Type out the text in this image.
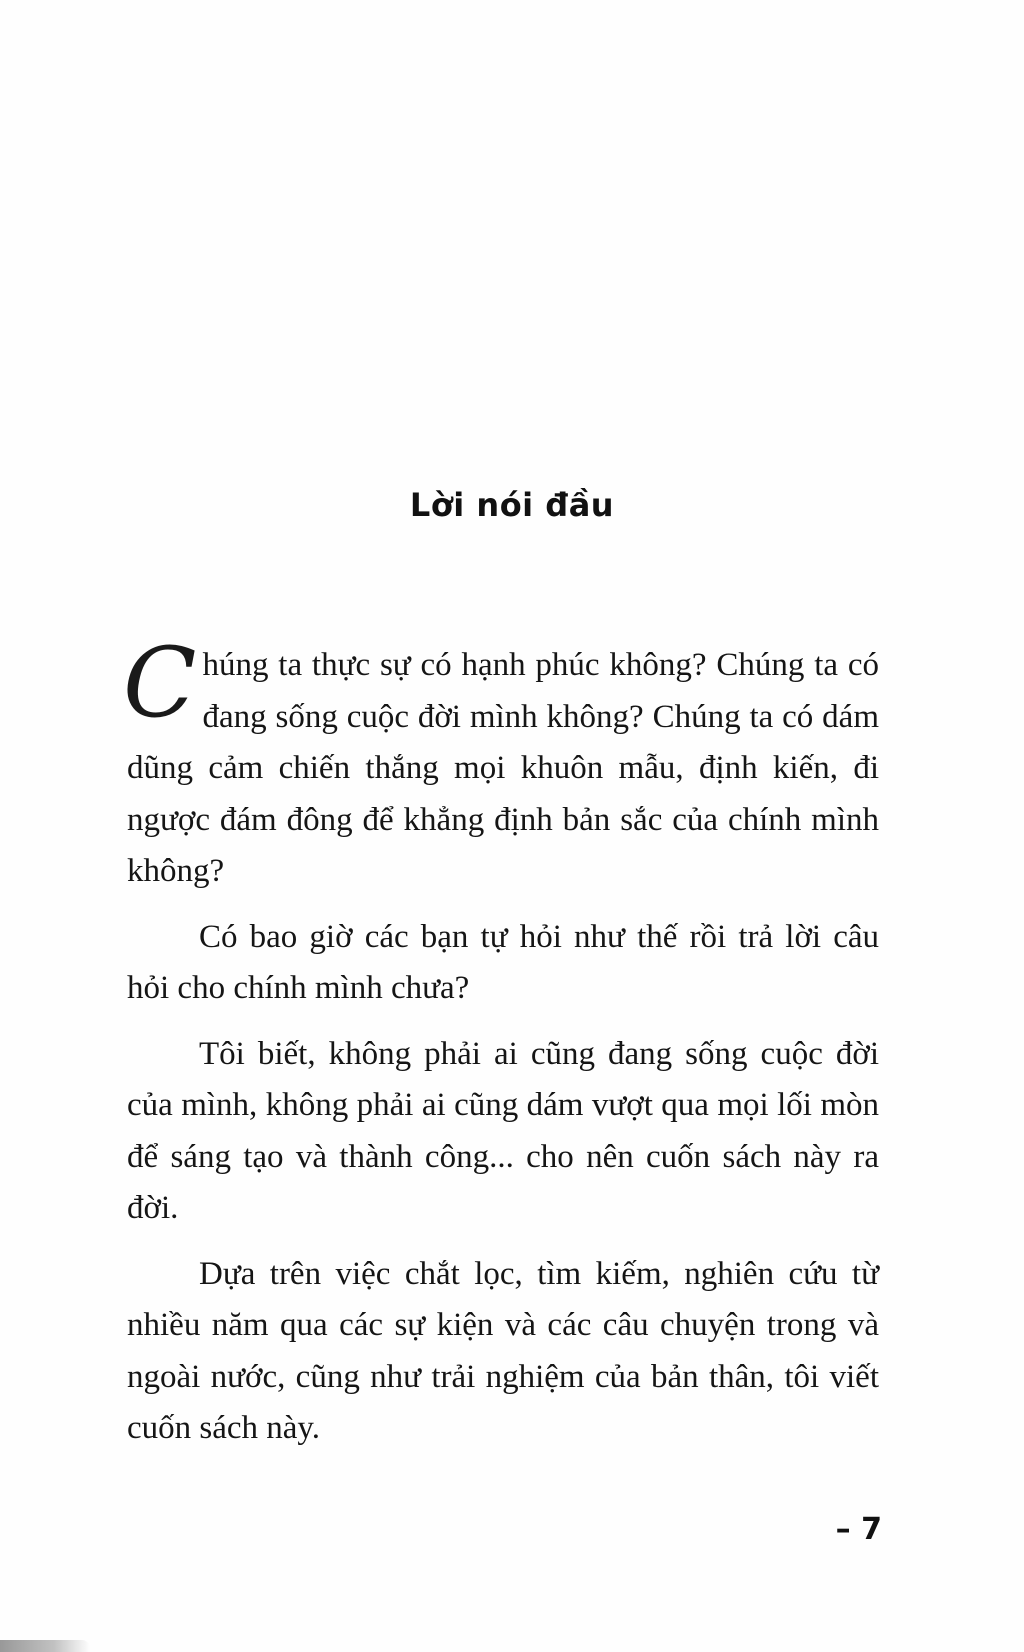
Lời nói đầu

Chúng ta thực sự có hạnh phúc không? Chúng ta có đang sống cuộc đời mình không? Chúng ta có dám dũng cảm chiến thắng mọi khuôn mẫu, định kiến, đi ngược đám đông để khẳng định bản sắc của chính mình không?

Có bao giờ các bạn tự hỏi như thế rồi trả lời câu hỏi cho chính mình chưa?

Tôi biết, không phải ai cũng đang sống cuộc đời của mình, không phải ai cũng dám vượt qua mọi lối mòn để sáng tạo và thành công... cho nên cuốn sách này ra đời.

Dựa trên việc chắt lọc, tìm kiếm, nghiên cứu từ nhiều năm qua các sự kiện và các câu chuyện trong và ngoài nước, cũng như trải nghiệm của bản thân, tôi viết cuốn sách này.

– 7
